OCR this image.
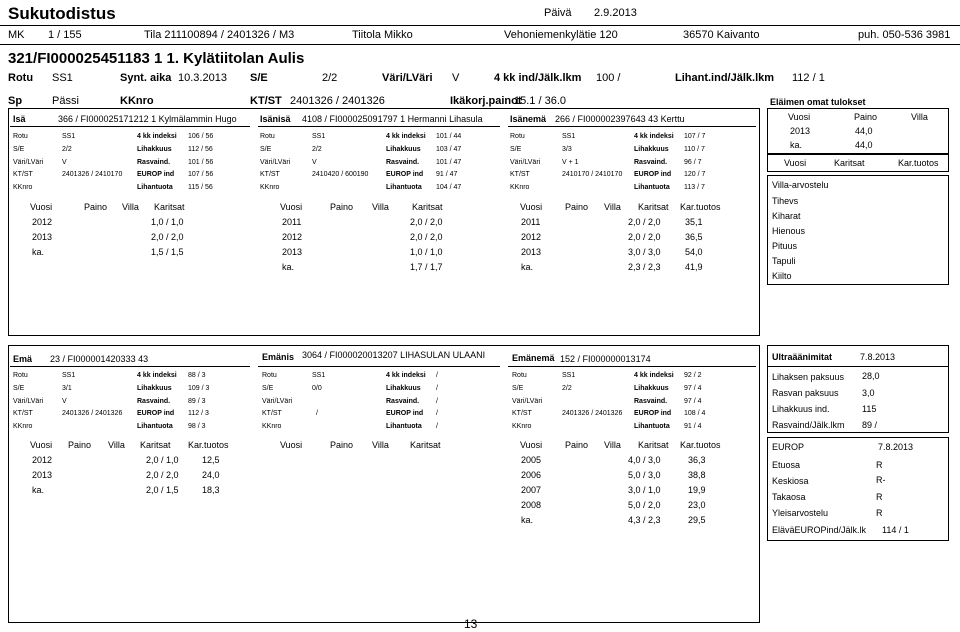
Sukutodistus	Päivä 2.9.2013
MK 1 / 155	Tila 211100894 / 2401326 / M3	Tiitola Mikko	Vehoniemenkylätie 120	36570 Kaivanto	puh. 050-536 3981
321/FI000025451183 1 1. Kylätiitolan Aulis
Rotu SS1	Synt. aika 10.3.2013 S/E	2/2	Väri/LVäri V	4 kk ind/Jälk.lkm 100 /	Lihant.ind/Jälk.lkm 112 / 1
Sp	Pässi	KKnro	KT/ST 2401326 / 2401326	Ikäkorj.painot
15.1 / 36.0	Eläimen omat tulokset
Vuosi	Paino	Villa
2013	44,0
ka.	44,0
Vuosi	Karitsat	Kar.tuotos
Villa-arvostelu
Tihevs
Kiharat
Hienous
Pituus
Tapuli
Kiilto
Isä	366 / FI000025171212 1 Kylmälammin Hugo
Rotu	SS1	4 kk indeksi 106 / 56
S/E	2/2	Lihakkuus 112 / 56
Väri/LVäri	V	Rasvaind.	101 / 56
KT/ST	2401326 / 2410170 EUROP ind 107 / 56
KKnro	Lihantuota 115 / 56
Vuosi	Paino Villa Karitsat
2012	1,0 / 1,0
2013	2,0 / 2,0
ka.	1,5 / 1,5
Isänisä 4108 / FI000025091797 1 Hermanni Lihasula
Rotu	SS1	4 kk indeksi 101 / 44
S/E	2/2	Lihakkuus 103 / 47
Väri/LVäri	V	Rasvaind. 101 / 47
KT/ST	2410420 / 600190	EUROP ind 91 / 47
KKnro	Lihantuota 104 / 47
Vuosi	Paino Villa	Karitsat
2011	2,0 / 2,0
2012	2,0 / 2,0
2013	1,0 / 1,0
ka.	1,7 / 1,7
Isänemä 266 / FI000002397643 43 Kerttu
Rotu	SS1	4 kk indeksi 107 / 7
S/E	3/3	Lihakkuus 110 / 7
Väri/LVäri	V + 1	Rasvaind. 96 / 7
KT/ST	2410170 / 2410170 EUROP ind 120 / 7
KKnro	Lihantuota 113 / 7
Vuosi	Paino Villa Karitsat Kar.tuotos
2011	2,0 / 2,0	35,1
2012	2,0 / 2,0	36,5
2013	3,0 / 3,0	54,0
ka.	2,3 / 2,3	41,9
Emä 23 / FI000001420333 43
Rotu	SS1	4 kk indeksi 88 / 3
S/E	3/1	Lihakkuus 109 / 3
Väri/LVäri	V	Rasvaind.	89 / 3
KT/ST	2401326 / 2401326 EUROP ind 112 / 3
KKnro	Lihantuota 98 / 3
Vuosi Paino Villa Karitsat Kar.tuotos
2012	2,0 / 1,0	12,5
2013	2,0 / 2,0	24,0
ka.	2,0 / 1,5	18,3
Emänis 3064 / FI000020013207 LIHASULAN ULAANI
Rotu	SS1	4 kk indeksi /
S/E	0/0	Lihakkuus /
Väri/LVäri	Rasvaind. /
KT/ST	/	EUROP ind /
KKnro	Lihantuota /
Vuosi	Paino Villa Karitsat
Emänemä 152 / FI000000013174
Rotu	SS1	4 kk indeksi 92 / 2
S/E	2/2	Lihakkuus 97 / 4
Väri/LVäri	Rasvaind. 97 / 4
KT/ST	2401326 / 2401326 EUROP ind 108 / 4
KKnro	Lihantuota 91 / 4
Vuosi	Paino Villa Karitsat Kar.tuotos
2005	4,0 / 3,0	36,3
2006	5,0 / 3,0	38,8
2007	3,0 / 1,0	19,9
2008	5,0 / 2,0	23,0
ka.	4,3 / 2,3	29,5
Ultraäänimitat	7.8.2013
Lihaksen paksuus 28,0
Rasvan paksuus	3,0
Lihakkuus ind.	115
Rasvaind/Jälk.lkm 89 /
EUROP	7.8.2013
Etuosa	R
Keskiosa	R-
Takaosa	R
Yleisarvostelu	R
EläväEUROPind/Jälk.lk 114 / 1
13
